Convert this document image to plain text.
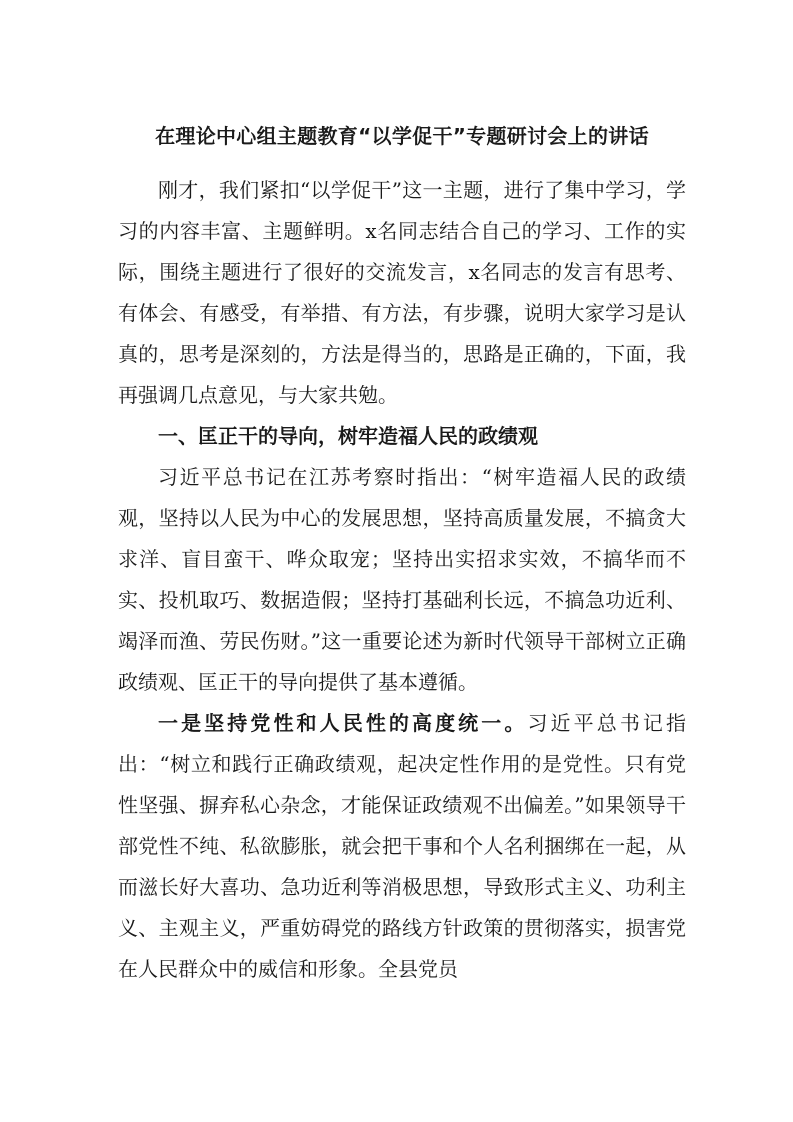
在理论中心组主题教育“以学促干”专题研讨会上的讲话

刚才，我们紧扣“以学促干”这一主题，进行了集中学习，学习的内容丰富、主题鲜明。x名同志结合自己的学习、工作的实际，围绕主题进行了很好的交流发言，x名同志的发言有思考、有体会、有感受，有举措、有方法，有步骤，说明大家学习是认真的，思考是深刻的，方法是得当的，思路是正确的，下面，我再强调几点意见，与大家共勉。

一、匡正干的导向，树牢造福人民的政绩观

习近平总书记在江苏考察时指出：“树牢造福人民的政绩观，坚持以人民为中心的发展思想，坚持高质量发展，不搞贪大求洋、盲目蛮干、哗众取宠；坚持出实招求实效，不搞华而不实、投机取巧、数据造假；坚持打基础利长远，不搞急功近利、竭泽而渔、劳民伤财。”这一重要论述为新时代领导干部树立正确政绩观、匡正干的导向提供了基本遵循。

一是坚持党性和人民性的高度统一。习近平总书记指出：“树立和践行正确政绩观，起决定性作用的是党性。只有党性坚强、摒弃私心杂念，才能保证政绩观不出偏差。”如果领导干部党性不纯、私欲膨胀，就会把干事和个人名利捆绑在一起，从而滋长好大喜功、急功近利等消极思想，导致形式主义、功利主义、主观主义，严重妨碍党的路线方针政策的贯彻落实，损害党在人民群众中的威信和形象。全县党员
